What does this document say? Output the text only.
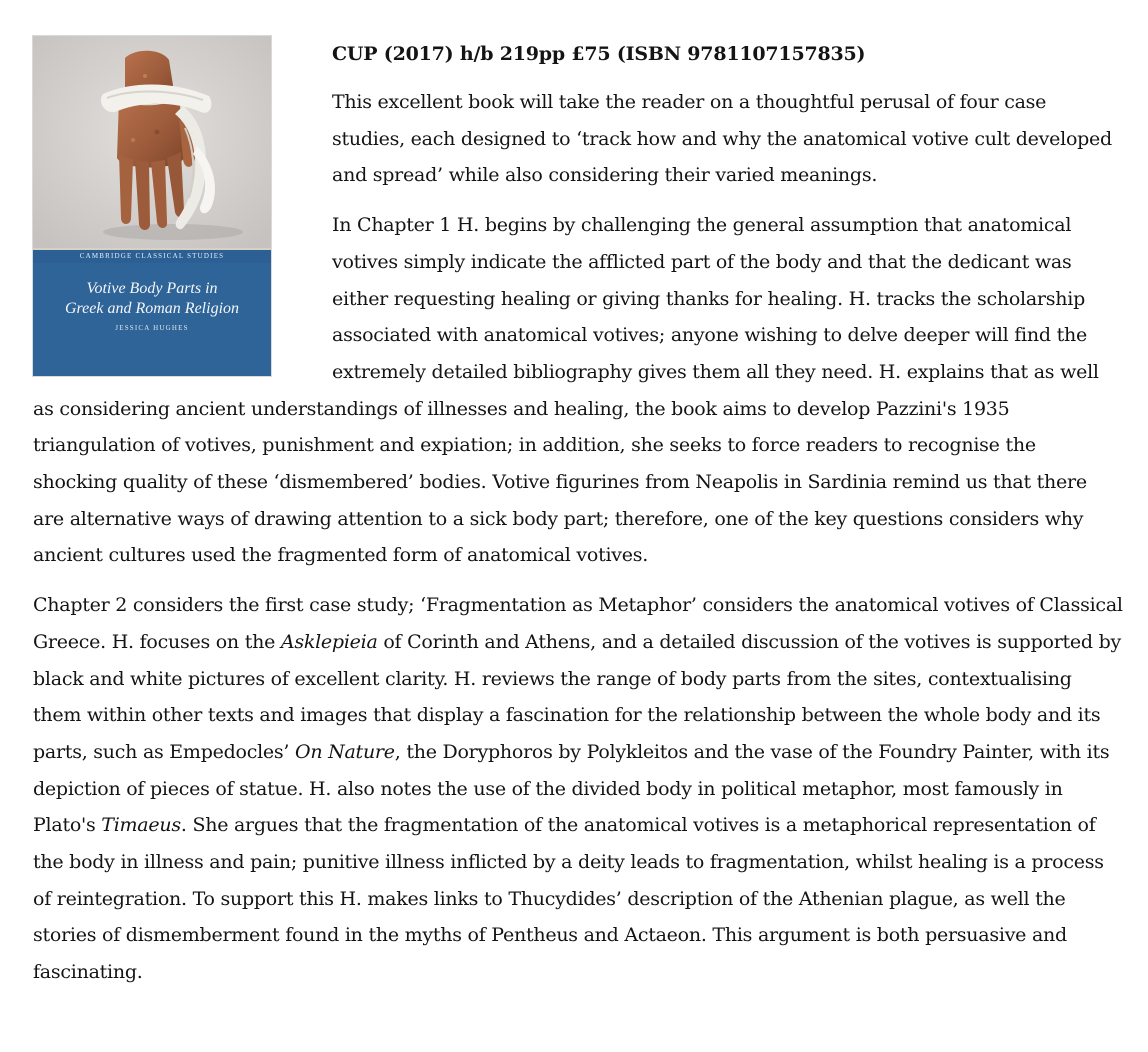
CAMBRIDGE CLASSICAL STUDIES
Votive Body Parts in
Greek and Roman Religion
JESSICA HUGHES
CUP (2017) h/b 219pp £75 (ISBN 9781107157835)

This excellent book will take the reader on a thoughtful perusal of four case studies, each designed to ‘track how and why the anatomical votive cult developed and spread’ while also considering their varied meanings.

In Chapter 1 H. begins by challenging the general assumption that anatomical votives simply indicate the afflicted part of the body and that the dedicant was either requesting healing or giving thanks for healing. H. tracks the scholarship associated with anatomical votives; anyone wishing to delve deeper will find the extremely detailed bibliography gives them all they need. H. explains that as well as considering ancient understandings of illnesses and healing, the book aims to develop Pazzini's 1935 triangulation of votives, punishment and expiation; in addition, she seeks to force readers to recognise the shocking quality of these ‘dismembered’ bodies. Votive figurines from Neapolis in Sardinia remind us that there are alternative ways of drawing attention to a sick body part; therefore, one of the key questions considers why ancient cultures used the fragmented form of anatomical votives.

Chapter 2 considers the first case study; ‘Fragmentation as Metaphor’ considers the anatomical votives of Classical Greece. H. focuses on the Asklepieia of Corinth and Athens, and a detailed discussion of the votives is supported by black and white pictures of excellent clarity. H. reviews the range of body parts from the sites, contextualising them within other texts and images that display a fascination for the relationship between the whole body and its parts, such as Empedocles’ On Nature, the Doryphoros by Polykleitos and the vase of the Foundry Painter, with its depiction of pieces of statue. H. also notes the use of the divided body in political metaphor, most famously in Plato's Timaeus. She argues that the fragmentation of the anatomical votives is a metaphorical representation of the body in illness and pain; punitive illness inflicted by a deity leads to fragmentation, whilst healing is a process of reintegration. To support this H. makes links to Thucydides’ description of the Athenian plague, as well the stories of dismemberment found in the myths of Pentheus and Actaeon. This argument is both persuasive and fascinating.
